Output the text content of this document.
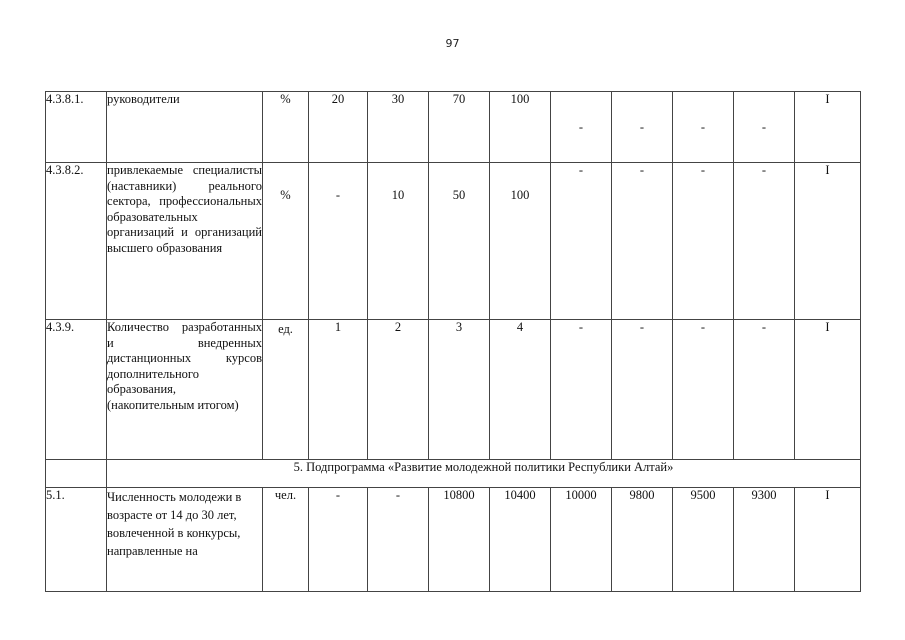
97
4.3.8.1.	руководители	%	20	30	70	100	-	-	-	-	I
4.3.8.2.	привлекаемые специалисты (наставники) реального сектора, профессиональных образовательных организаций и организаций высшего образования	%	-	10	50	100	-	-	-	-	I
4.3.9.	Количество разработанных и внедренных дистанционных курсов дополнительного образования, (накопительным итогом)	ед.	1	2	3	4	-	-	-	-	I
	5. Подпрограмма «Развитие молодежной политики Республики Алтай»										
5.1.	Численность молодежи в возрасте от 14 до 30 лет, вовлеченной в конкурсы, направленные на	чел.	-	-	10800	10400	10000	9800	9500	9300	I
